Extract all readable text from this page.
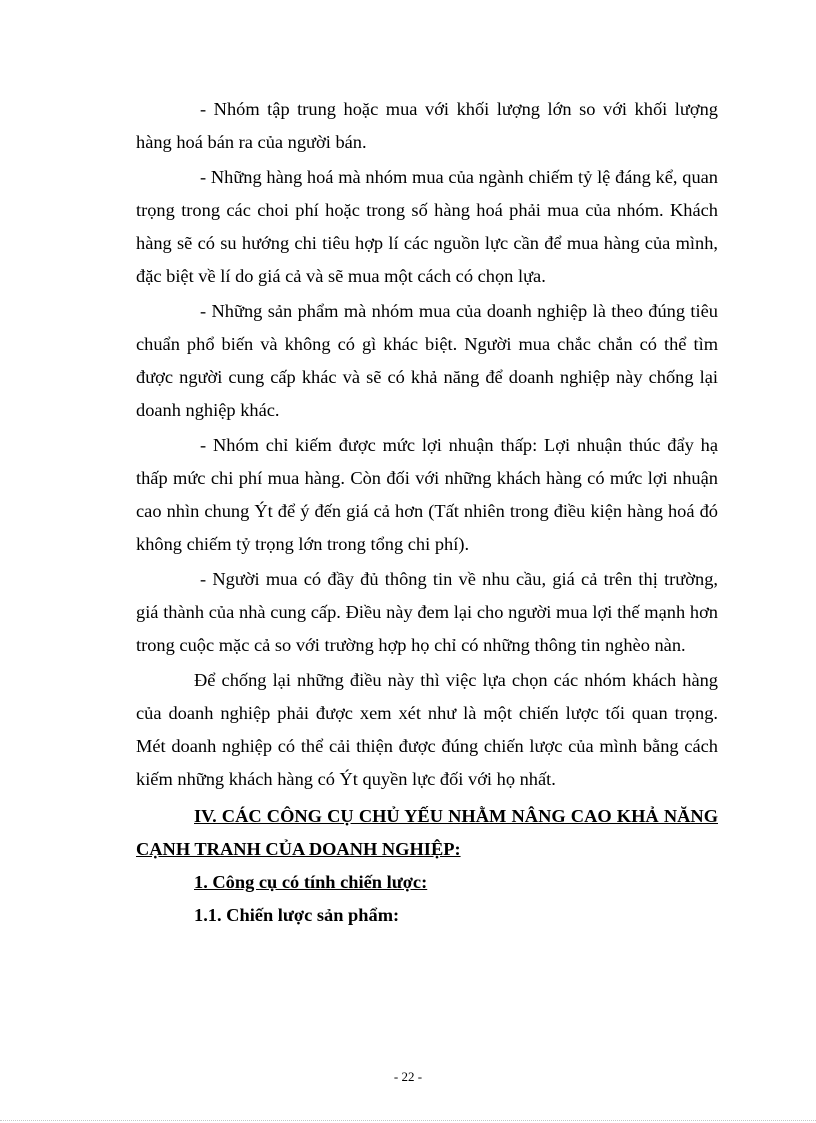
- Nhóm tập trung hoặc mua với khối lượng lớn so với khối lượng hàng hoá bán ra của người bán.

- Những hàng hoá mà nhóm mua của ngành chiếm tỷ lệ đáng kể, quan trọng trong các choi phí hoặc trong số hàng hoá phải mua của nhóm. Khách hàng sẽ có su hướng chi tiêu hợp lí các nguồn lực cần để mua hàng của mình, đặc biệt về lí do giá cả và sẽ mua một cách có chọn lựa.

- Những sản phẩm mà nhóm mua của doanh nghiệp là theo đúng tiêu chuẩn phổ biến và không có gì khác biệt. Người mua chắc chắn có thể tìm được người cung cấp khác và sẽ có khả năng để doanh nghiệp này chống lại doanh nghiệp khác.

- Nhóm chỉ kiếm được mức lợi nhuận thấp: Lợi nhuận thúc đẩy hạ thấp mức chi phí mua hàng. Còn đối với những khách hàng có mức lợi nhuận cao nhìn chung Ýt để ý đến giá cả hơn (Tất nhiên trong điều kiện hàng hoá đó không chiếm tỷ trọng lớn trong tổng chi phí).

- Người mua có đầy đủ thông tin về nhu cầu, giá cả trên thị trường, giá thành của nhà cung cấp. Điều này đem lại cho người mua lợi thế mạnh hơn trong cuộc mặc cả so với trường hợp họ chỉ có những thông tin nghèo nàn.

Để chống lại những điều này thì việc lựa chọn các nhóm khách hàng của doanh nghiệp phải được xem xét như là một chiến lược tối quan trọng. Mét doanh nghiệp có thể cải thiện được đúng chiến lược của mình bằng cách kiếm những khách hàng có Ýt quyền lực đối với họ nhất.

IV. CÁC CÔNG CỤ CHỦ YẾU NHẰM NÂNG CAO KHẢ NĂNG CẠNH TRANH CỦA DOANH NGHIỆP:
1. Công cụ có tính chiến lược:
1.1. Chiến lược sản phẩm:
- 22 -
